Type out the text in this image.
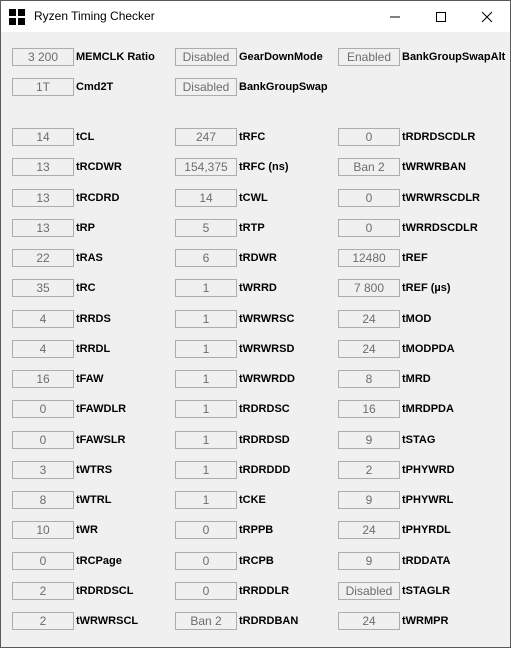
Ryzen Timing Checker
3 200	MEMCLK Ratio	Disabled GearDownMode	Enabled BankGroupSwapAlt
1T	Cmd2T	Disabled BankGroupSwap
14	tCL	247	tRFC	0	tRDRDSCDLR
13	tRCDWR	154,375	tRFC (ns)	Ban 2	tWRWRBAN
13	tRCDRD	14	tCWL	0	tWRWRSCDLR
13	tRP	5	tRTP	0	tWRRDSCDLR
22	tRAS	6	tRDWR	12480	tREF
35	tRC	1	tWRRD	7 800	tREF (µs)
4	tRRDS	1	tWRWRSC	24	tMOD
4	tRRDL	1	tWRWRSD	24	tMODPDA
16	tFAW	1	tWRWRDD	8	tMRD
0	tFAWDLR	1	tRDRDSC	16	tMRDPDA
0	tFAWSLR	1	tRDRDSD	9	tSTAG
3	tWTRS	1	tRDRDDD	2	tPHYWRD
8	tWTRL	1	tCKE	9	tPHYWRL
10	tWR	0	tRPPB	24	tPHYRDL
0	tRCPage	0	tRCPB	9	tRDDATA
2	tRDRDSCL	0	tRRDDLR	Disabled tSTAGLR
2	tWRWRSCL	Ban 2	tRDRDBAN	24	tWRMPR
